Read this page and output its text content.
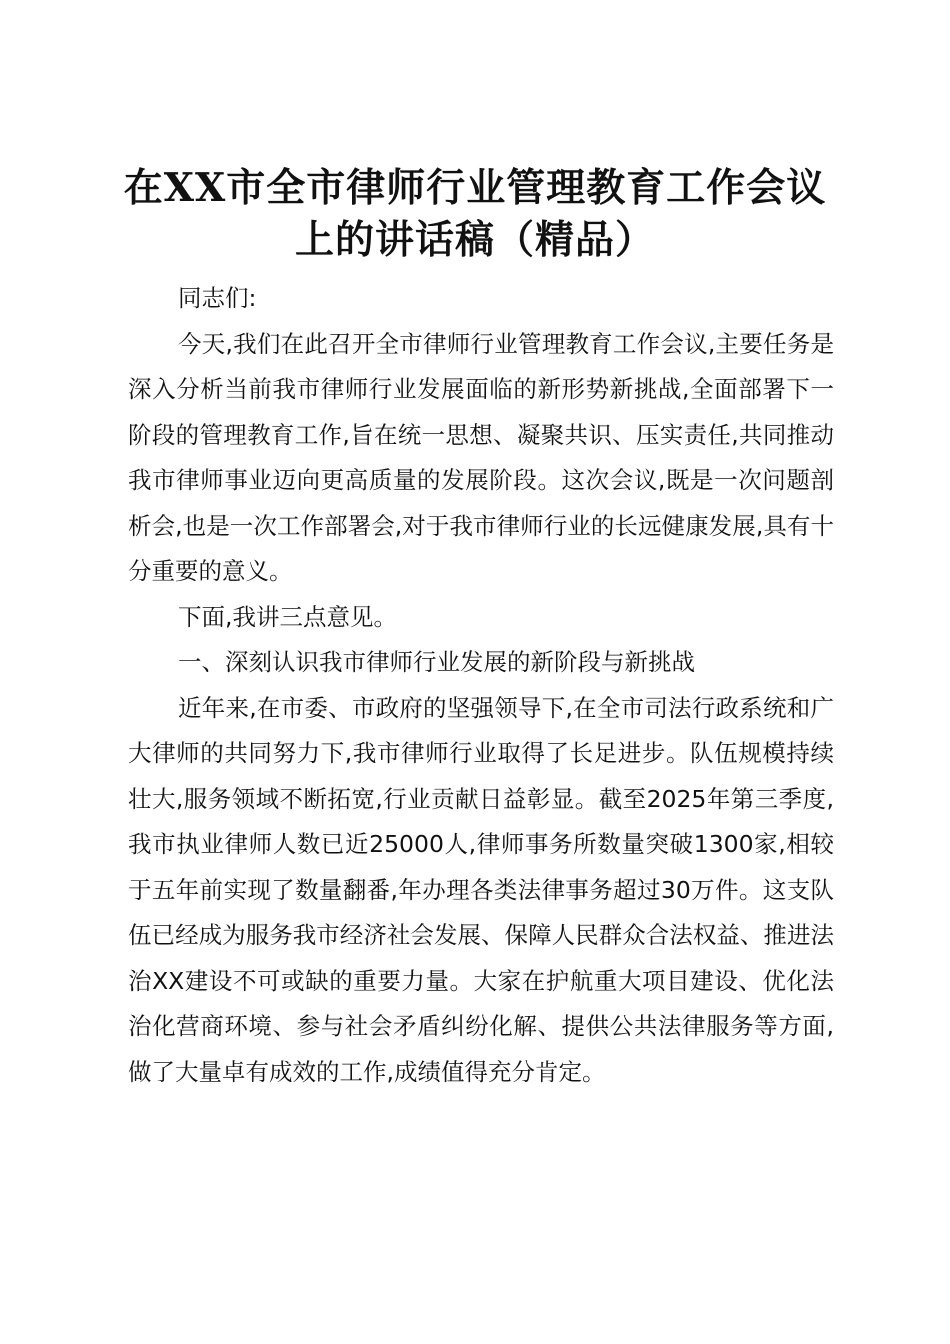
在XX市全市律师行业管理教育工作会议上的讲话稿（精品）

同志们:

今天,我们在此召开全市律师行业管理教育工作会议,主要任务是深入分析当前我市律师行业发展面临的新形势新挑战,全面部署下一阶段的管理教育工作,旨在统一思想、凝聚共识、压实责任,共同推动我市律师事业迈向更高质量的发展阶段。这次会议,既是一次问题剖析会,也是一次工作部署会,对于我市律师行业的长远健康发展,具有十分重要的意义。

下面,我讲三点意见。

一、深刻认识我市律师行业发展的新阶段与新挑战

近年来,在市委、市政府的坚强领导下,在全市司法行政系统和广大律师的共同努力下,我市律师行业取得了长足进步。队伍规模持续壮大,服务领域不断拓宽,行业贡献日益彰显。截至2025年第三季度,我市执业律师人数已近25000人,律师事务所数量突破1300家,相较于五年前实现了数量翻番,年办理各类法律事务超过30万件。这支队伍已经成为服务我市经济社会发展、保障人民群众合法权益、推进法治XX建设不可或缺的重要力量。大家在护航重大项目建设、优化法治化营商环境、参与社会矛盾纠纷化解、提供公共法律服务等方面,做了大量卓有成效的工作,成绩值得充分肯定。
